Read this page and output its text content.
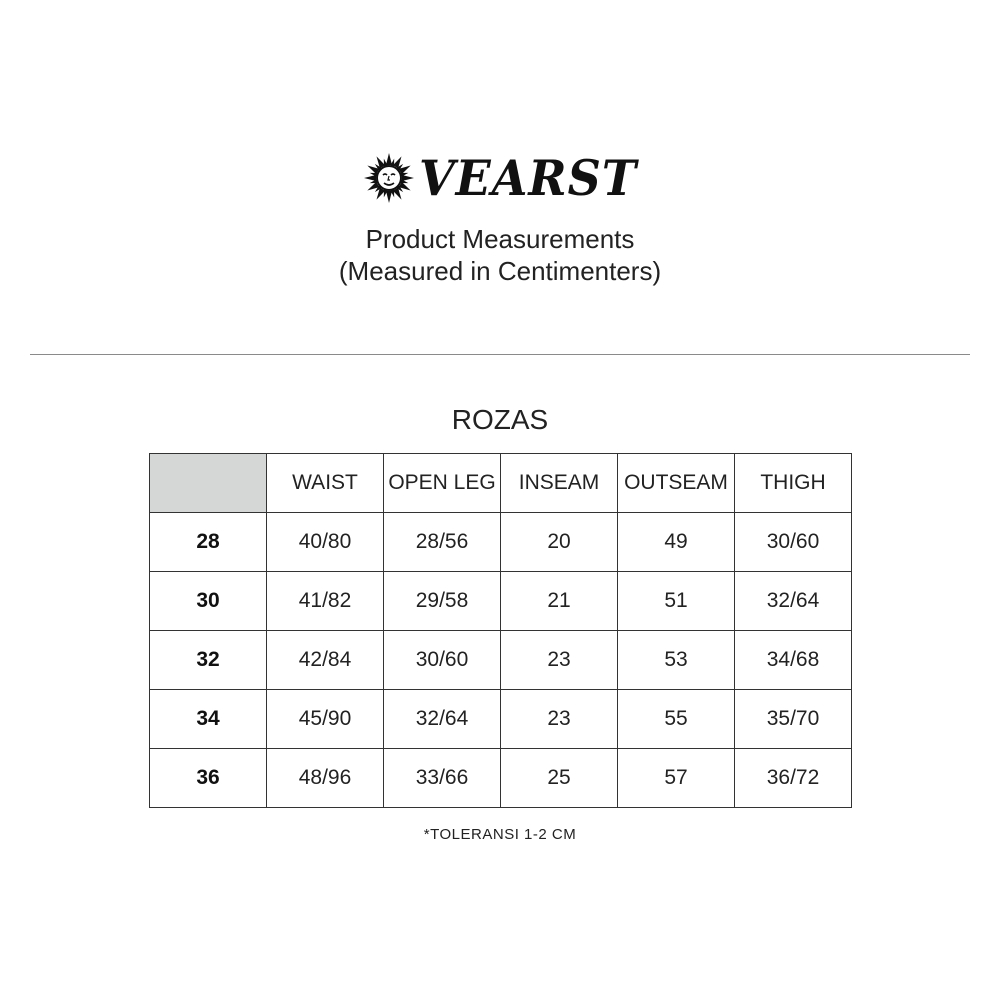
VEARST
Product Measurements
(Measured in Centimenters)
ROZAS
	WAIST	OPEN LEG	INSEAM	OUTSEAM	THIGH
28	40/80	28/56	20	49	30/60
30	41/82	29/58	21	51	32/64
32	42/84	30/60	23	53	34/68
34	45/90	32/64	23	55	35/70
36	48/96	33/66	25	57	36/72
*TOLERANSI 1-2 CM
